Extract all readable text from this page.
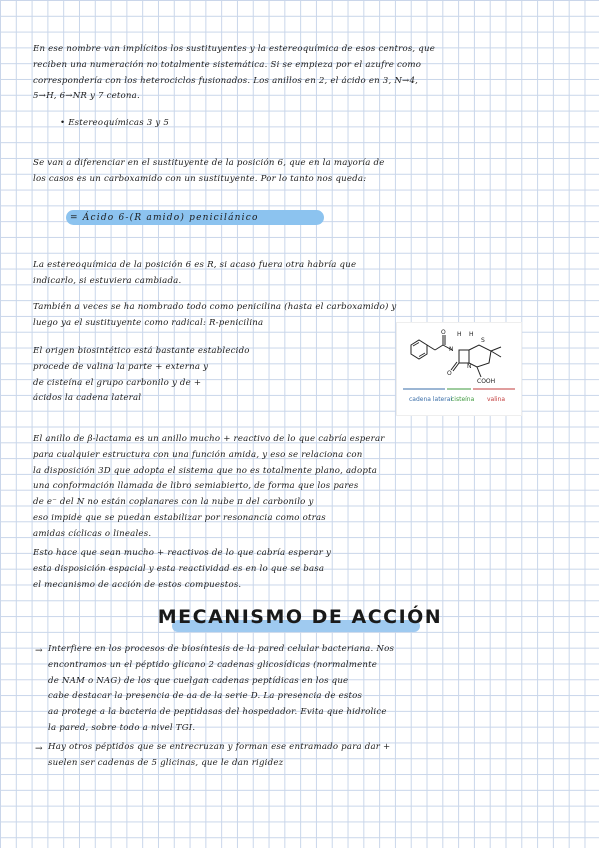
En ese nombre van implícitos los sustituyentes y la estereoquímica de esos centros, que
reciben una numeración no totalmente sistemática. Si se empieza por el azufre como
correspondería con los heterociclos fusionados. Los anillos en 2, el ácido en 3, N→4,
5→H, 6→NR y 7 cetona.
• Estereoquímicas 3 y 5
Se van a diferenciar en el sustituyente de la posición 6, que en la mayoría de
los casos es un carboxamido con un sustituyente. Por lo tanto nos queda:
= Ácido 6-(R amido) penicilánico
La estereoquímica de la posición 6 es R, si acaso fuera otra habría que
indicarlo, si estuviera cambiada.
También a veces se ha nombrado todo como penicilina (hasta el carboxamido) y
luego ya el sustituyente como radical: R-penicilina
El origen biosintético está bastante establecido
procede de valina la parte + externa y
de cisteína el grupo carbonilo y de +
ácidos la cadena lateral
H H
N
S
O
O
N
COOH
cadena lateral
cisteína valina
El anillo de β-lactama es un anillo mucho + reactivo de lo que cabría esperar
para cualquier estructura con una función amida, y eso se relaciona con
la disposición 3D que adopta el sistema que no es totalmente plano, adopta
una conformación llamada de libro semiabierto, de forma que los pares
de e⁻ del N no están coplanares con la nube π del carbonilo y
eso impide que se puedan estabilizar por resonancia como otras
amidas cíclicas o lineales.
Esto hace que sean mucho + reactivos de lo que cabría esperar y
esta disposición espacial y esta reactividad es en lo que se basa
el mecanismo de acción de estos compuestos.
MECANISMO DE ACCIÓN
→ Interfiere en los procesos de biosíntesis de la pared celular bacteriana. Nos
encontramos un el péptido glicano 2 cadenas glicosídicas (normalmente
de NAM o NAG) de los que cuelgan cadenas peptídicas en los que
cabe destacar la presencia de aa de la serie D. La presencia de estos
aa protege a la bacteria de peptidasas del hospedador. Evita que hidrolice
la pared, sobre todo a nivel TGI.
→ Hay otros péptidos que se entrecruzan y forman ese entramado para dar +
suelen ser cadenas de 5 glicinas, que le dan rigidez
